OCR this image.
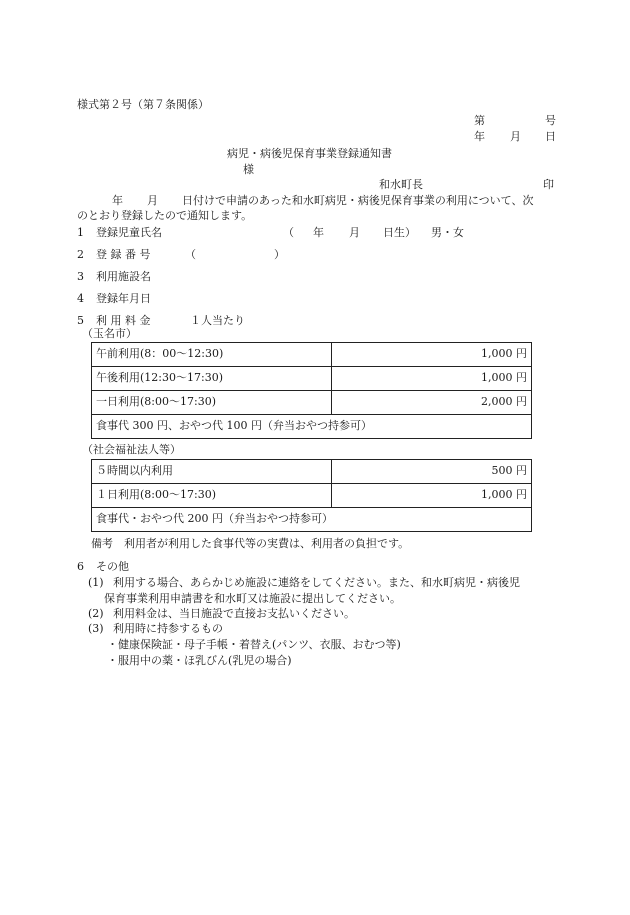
様式第２号（第７条関係）
第	号
年 月 日
病児・病後児保育事業登録通知書
様
和水町長	印
年 月 日付けで申請のあった和水町病児・病後児保育事業の利用について、次
のとおり登録したので通知します。
1 登録児童氏名	（ 年 月 日生） 男・女
2 登 録 番 号	（	）
3 利用施設名
4 登録年月日
5 利 用 料 金	１人当たり
（玉名市）
午前利用(8：00～12:30)	1,000 円
午後利用(12:30～17:30)	1,000 円
一日利用(8:00～17:30)	2,000 円
食事代 300 円、おやつ代 100 円（弁当おやつ持参可）	
（社会福祉法人等）
５時間以内利用	500 円
１日利用(8:00～17:30)	1,000 円
食事代・おやつ代 200 円（弁当おやつ持参可）	
備考　利用者が利用した食事代等の実費は、利用者の負担です。
6 その他
(1) 利用する場合、あらかじめ施設に連絡をしてください。また、和水町病児・病後児
保育事業利用申請書を和水町又は施設に提出してください。
(2) 利用料金は、当日施設で直接お支払いください。
(3) 利用時に持参するもの
・健康保険証・母子手帳・着替え(パンツ、衣服、おむつ等)
・服用中の薬・ほ乳びん(乳児の場合)
